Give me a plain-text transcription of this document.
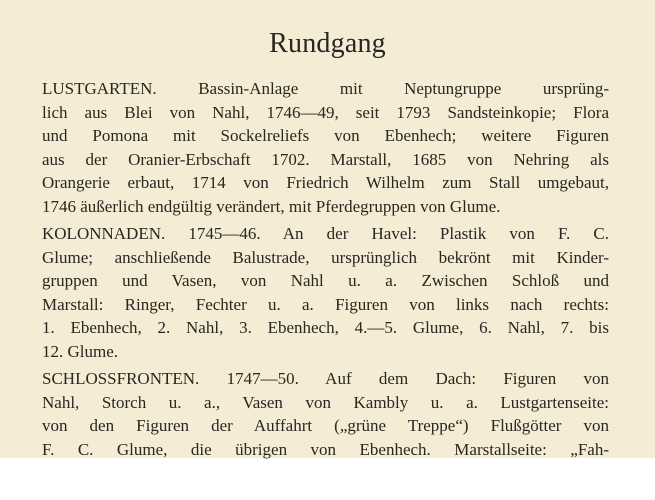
Rundgang
LUSTGARTEN. Bassin-Anlage mit Neptungruppe ursprüng-
lich aus Blei von Nahl, 1746—49, seit 1793 Sandsteinkopie; Flora
und Pomona mit Sockelreliefs von Ebenhech; weitere Figuren
aus der Oranier-Erbschaft 1702. Marstall, 1685 von Nehring als
Orangerie erbaut, 1714 von Friedrich Wilhelm zum Stall umgebaut,
1746 äußerlich endgültig verändert, mit Pferdegruppen von Glume.
KOLONNADEN. 1745—46. An der Havel: Plastik von F. C.
Glume; anschließende Balustrade, ursprünglich bekrönt mit Kinder-
gruppen und Vasen, von Nahl u. a. Zwischen Schloß und
Marstall: Ringer, Fechter u. a. Figuren von links nach rechts:
1. Ebenhech, 2. Nahl, 3. Ebenhech, 4.—5. Glume, 6. Nahl, 7. bis
12. Glume.
SCHLOSSFRONTEN. 1747—50. Auf dem Dach: Figuren von
Nahl, Storch u. a., Vasen von Kambly u. a. Lustgartenseite:
von den Figuren der Auffahrt („grüne Treppe“) Flußgötter von
F. C. Glume, die übrigen von Ebenhech. Marstallseite: „Fah-
